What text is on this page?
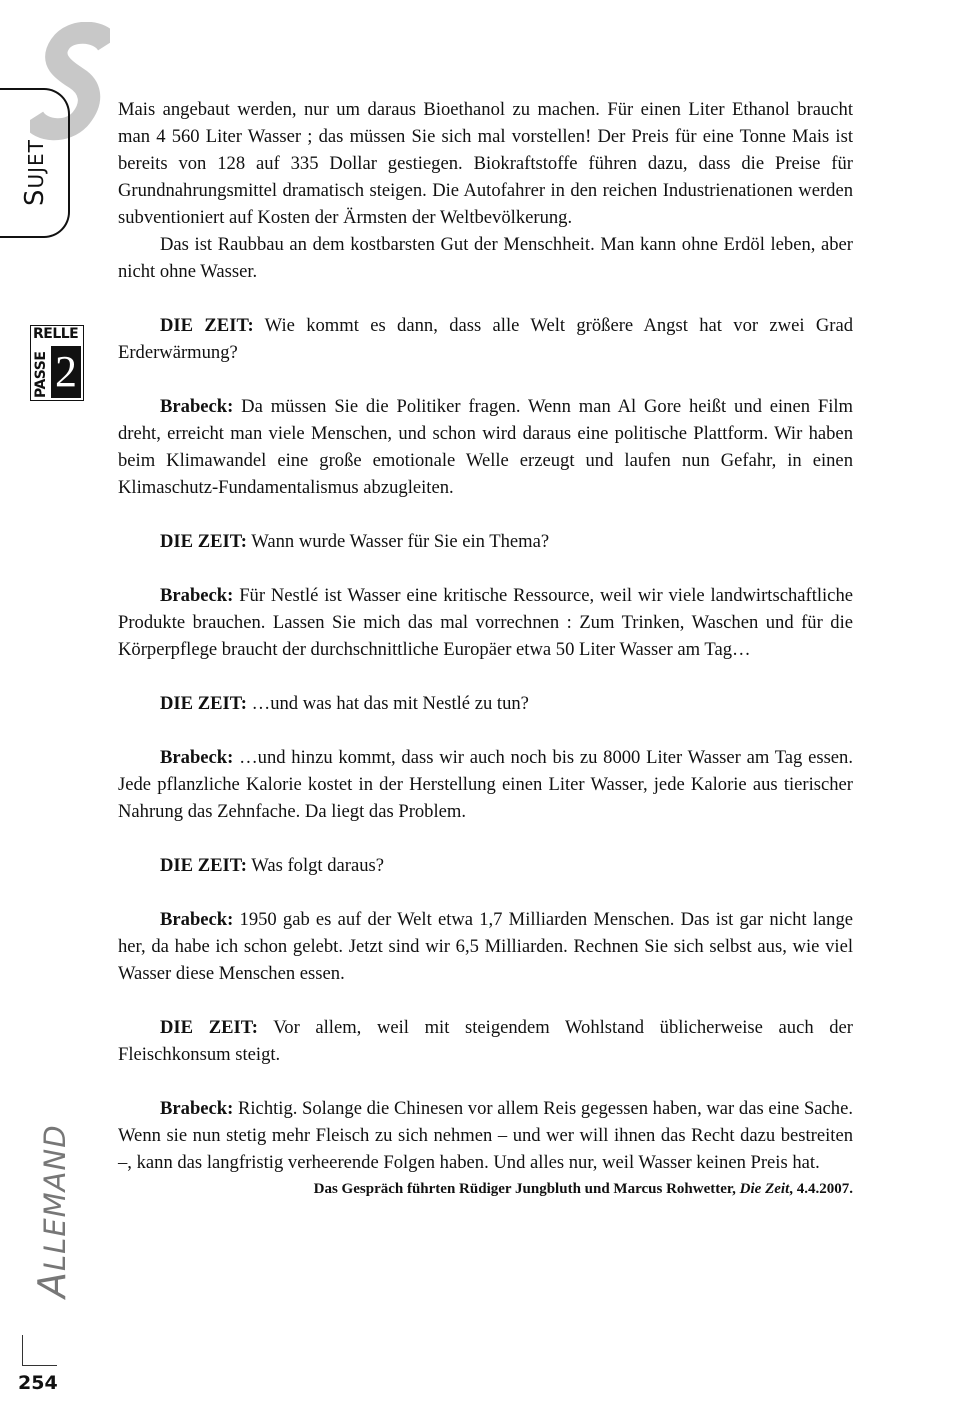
SUJET
RELLE
PASSE 2
ALLEMAND
254

Mais angebaut werden, nur um daraus Bioethanol zu machen. Für einen Liter Ethanol braucht man 4 560 Liter Wasser ; das müssen Sie sich mal vorstellen! Der Preis für eine Tonne Mais ist bereits von 128 auf 335 Dollar gestiegen. Biokraftstoffe führen dazu, dass die Preise für Grundnahrungsmittel dramatisch steigen. Die Autofahrer in den reichen Industrienationen werden subventioniert auf Kosten der Ärmsten der Weltbevölkerung.

Das ist Raubbau an dem kostbarsten Gut der Menschheit. Man kann ohne Erdöl leben, aber nicht ohne Wasser.

DIE ZEIT: Wie kommt es dann, dass alle Welt größere Angst hat vor zwei Grad Erderwärmung?

Brabeck: Da müssen Sie die Politiker fragen. Wenn man Al Gore heißt und einen Film dreht, erreicht man viele Menschen, und schon wird daraus eine politische Plattform. Wir haben beim Klimawandel eine große emotionale Welle erzeugt und laufen nun Gefahr, in einen Klimaschutz-Fundamentalismus abzugleiten.

DIE ZEIT: Wann wurde Wasser für Sie ein Thema?

Brabeck: Für Nestlé ist Wasser eine kritische Ressource, weil wir viele landwirtschaftliche Produkte brauchen. Lassen Sie mich das mal vorrechnen : Zum Trinken, Waschen und für die Körperpflege braucht der durchschnittliche Europäer etwa 50 Liter Wasser am Tag…

DIE ZEIT: …und was hat das mit Nestlé zu tun?

Brabeck: …und hinzu kommt, dass wir auch noch bis zu 8000 Liter Wasser am Tag essen. Jede pflanzliche Kalorie kostet in der Herstellung einen Liter Wasser, jede Kalorie aus tierischer Nahrung das Zehnfache. Da liegt das Problem.

DIE ZEIT: Was folgt daraus?

Brabeck: 1950 gab es auf der Welt etwa 1,7 Milliarden Menschen. Das ist gar nicht lange her, da habe ich schon gelebt. Jetzt sind wir 6,5 Milliarden. Rechnen Sie sich selbst aus, wie viel Wasser diese Menschen essen.

DIE ZEIT: Vor allem, weil mit steigendem Wohlstand üblicherweise auch der Fleischkonsum steigt.

Brabeck: Richtig. Solange die Chinesen vor allem Reis gegessen haben, war das eine Sache. Wenn sie nun stetig mehr Fleisch zu sich nehmen – und wer will ihnen das Recht dazu bestreiten –, kann das langfristig verheerende Folgen haben. Und alles nur, weil Wasser keinen Preis hat.

Das Gespräch führten Rüdiger Jungbluth und Marcus Rohwetter, Die Zeit, 4.4.2007.
